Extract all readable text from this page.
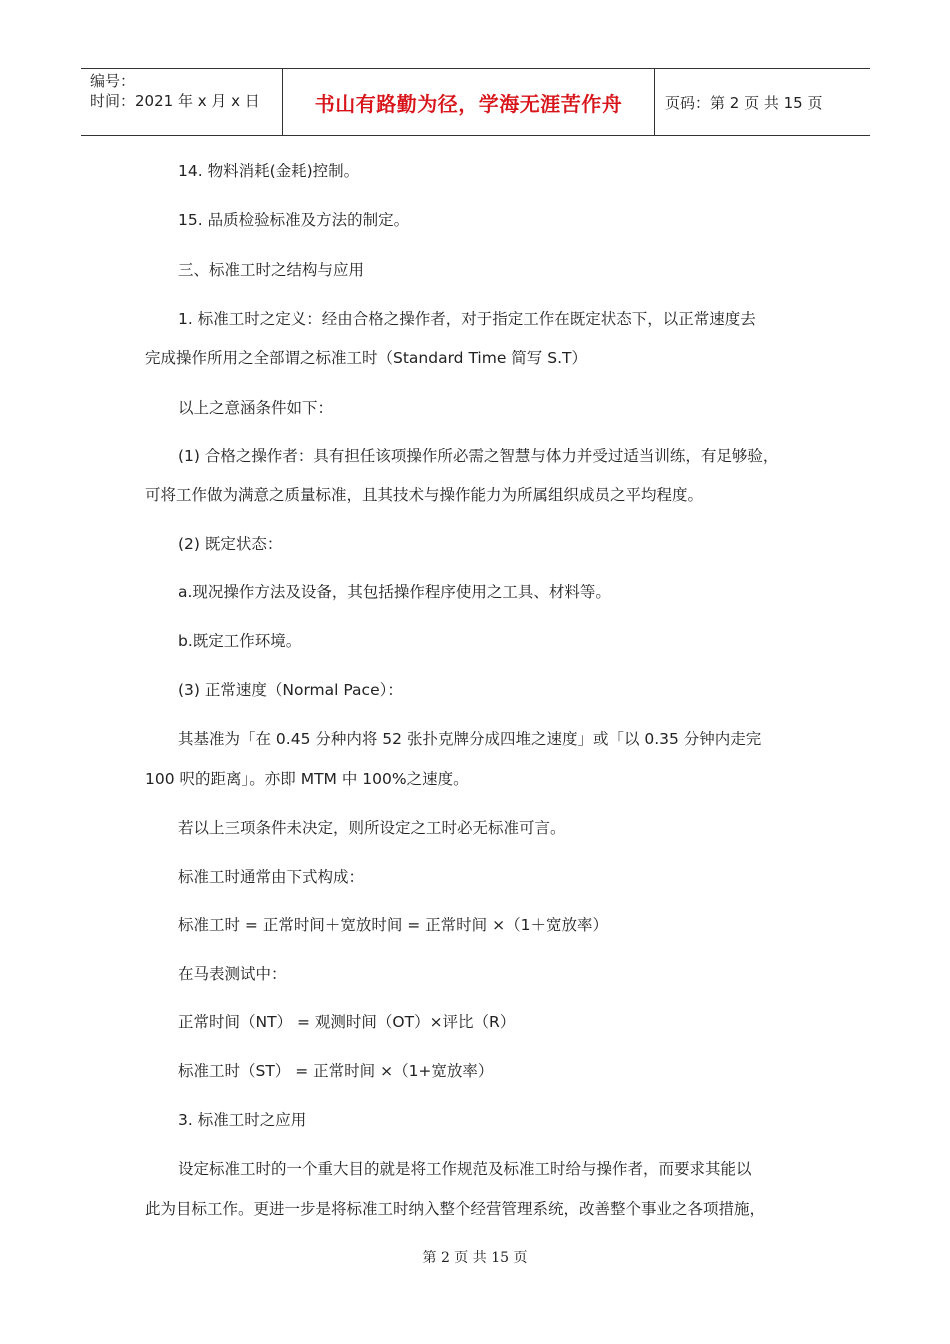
编号：
时间：2021 年 x 月 x 日	书山有路勤为径，学海无涯苦作舟	页码：第 2 页 共 15 页
14. 物料消耗(金耗)控制。
15. 品质检验标准及方法的制定。
三、标准工时之结构与应用
1. 标准工时之定义：经由合格之操作者，对于指定工作在既定状态下，以正常速度去
完成操作所用之全部谓之标准工时（Standard Time 简写 S.T）
以上之意涵条件如下：
(1) 合格之操作者：具有担任该项操作所必需之智慧与体力并受过适当训练，有足够验，
可将工作做为满意之质量标准，且其技术与操作能力为所属组织成员之平均程度。
(2) 既定状态：
a.现况操作方法及设备，其包括操作程序使用之工具、材料等。
b.既定工作环境。
(3) 正常速度（Normal Pace）：
其基准为「在 0.45 分种内将 52 张扑克牌分成四堆之速度」或「以 0.35 分钟内走完
100 呎的距离」。亦即 MTM 中 100%之速度。
若以上三项条件未决定，则所设定之工时必无标准可言。
标准工时通常由下式构成：
标准工时 = 正常时间＋宽放时间 = 正常时间 ×（1＋宽放率）
在马表测试中：
正常时间（NT） = 观测时间（OT）×评比（R）
标准工时（ST） = 正常时间 ×（1+宽放率）
3. 标准工时之应用
设定标准工时的一个重大目的就是将工作规范及标准工时给与操作者，而要求其能以
此为目标工作。更进一步是将标准工时纳入整个经营管理系统，改善整个事业之各项措施，
第 2 页 共 15 页
